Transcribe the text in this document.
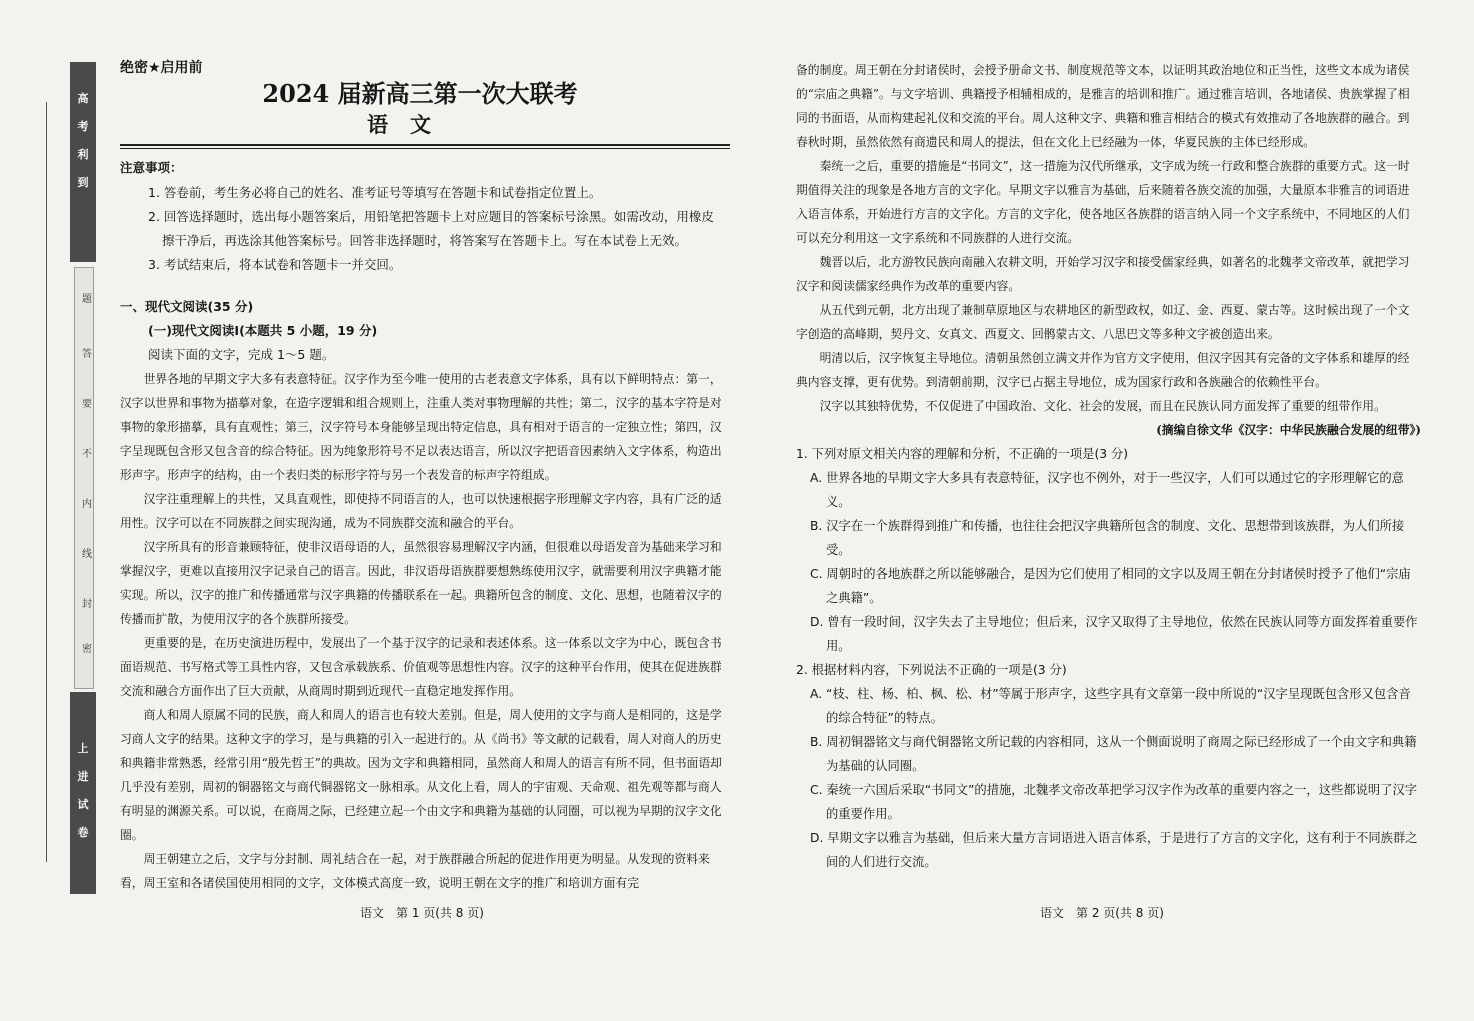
高

考

利

到
上

进

试

卷
题
答
要
不
内
线
封
密

绝密★启用前

2024 届新高三第一次大联考

语文

注意事项：

1. 答卷前，考生务必将自己的姓名、准考证号等填写在答题卡和试卷指定位置上。

2. 回答选择题时，选出每小题答案后，用铅笔把答题卡上对应题目的答案标号涂黑。如需改动，用橡皮

擦干净后，再选涂其他答案标号。回答非选择题时，将答案写在答题卡上。写在本试卷上无效。

3. 考试结束后，将本试卷和答题卡一并交回。

一、现代文阅读(35 分)

(一)现代文阅读Ⅰ(本题共 5 小题，19 分)

阅读下面的文字，完成 1～5 题。

世界各地的早期文字大多有表意特征。汉字作为至今唯一使用的古老表意文字体系，具有以下鲜明特点：第一，汉字以世界和事物为描摹对象，在造字逻辑和组合规则上，注重人类对事物理解的共性；第二，汉字的基本字符是对事物的象形描摹，具有直观性；第三，汉字符号本身能够呈现出特定信息，具有相对于语言的一定独立性；第四，汉字呈现既包含形又包含音的综合特征。因为纯象形符号不足以表达语言，所以汉字把语音因素纳入文字体系，构造出形声字。形声字的结构，由一个表归类的标形字符与另一个表发音的标声字符组成。

汉字注重理解上的共性，又具直观性，即使持不同语言的人，也可以快速根据字形理解文字内容，具有广泛的适用性。汉字可以在不同族群之间实现沟通，成为不同族群交流和融合的平台。

汉字所具有的形音兼顾特征，使非汉语母语的人，虽然很容易理解汉字内涵，但很难以母语发音为基础来学习和掌握汉字，更难以直接用汉字记录自己的语言。因此，非汉语母语族群要想熟练使用汉字，就需要利用汉字典籍才能实现。所以，汉字的推广和传播通常与汉字典籍的传播联系在一起。典籍所包含的制度、文化、思想，也随着汉字的传播而扩散，为使用汉字的各个族群所接受。

更重要的是，在历史演进历程中，发展出了一个基于汉字的记录和表述体系。这一体系以文字为中心，既包含书面语规范、书写格式等工具性内容，又包含承载族系、价值观等思想性内容。汉字的这种平台作用，使其在促进族群交流和融合方面作出了巨大贡献，从商周时期到近现代一直稳定地发挥作用。

商人和周人原属不同的民族，商人和周人的语言也有较大差别。但是，周人使用的文字与商人是相同的，这是学习商人文字的结果。这种文字的学习，是与典籍的引入一起进行的。从《尚书》等文献的记载看，周人对商人的历史和典籍非常熟悉，经常引用“殷先哲王”的典故。因为文字和典籍相同，虽然商人和周人的语言有所不同，但书面语却几乎没有差别，周初的铜器铭文与商代铜器铭文一脉相承。从文化上看，周人的宇宙观、天命观、祖先观等都与商人有明显的渊源关系。可以说，在商周之际，已经建立起一个由文字和典籍为基础的认同圈，可以视为早期的汉字文化圈。

周王朝建立之后，文字与分封制、周礼结合在一起，对于族群融合所起的促进作用更为明显。从发现的资料来看，周王室和各诸侯国使用相同的文字，文体模式高度一致，说明王朝在文字的推广和培训方面有完

备的制度。周王朝在分封诸侯时，会授予册命文书、制度规范等文本，以证明其政治地位和正当性，这些文本成为诸侯的“宗庙之典籍”。与文字培训、典籍授予相辅相成的，是雅言的培训和推广。通过雅言培训，各地诸侯、贵族掌握了相同的书面语，从而构建起礼仪和交流的平台。周人这种文字、典籍和雅言相结合的模式有效推动了各地族群的融合。到春秋时期，虽然依然有商遗民和周人的提法，但在文化上已经融为一体，华夏民族的主体已经形成。

秦统一之后，重要的措施是“书同文”，这一措施为汉代所继承，文字成为统一行政和整合族群的重要方式。这一时期值得关注的现象是各地方言的文字化。早期文字以雅言为基础，后来随着各族交流的加强，大量原本非雅言的词语进入语言体系，开始进行方言的文字化。方言的文字化，使各地区各族群的语言纳入同一个文字系统中，不同地区的人们可以充分利用这一文字系统和不同族群的人进行交流。

魏晋以后，北方游牧民族向南融入农耕文明，开始学习汉字和接受儒家经典，如著名的北魏孝文帝改革，就把学习汉字和阅读儒家经典作为改革的重要内容。

从五代到元朝，北方出现了兼制草原地区与农耕地区的新型政权，如辽、金、西夏、蒙古等。这时候出现了一个文字创造的高峰期，契丹文、女真文、西夏文、回鹘蒙古文、八思巴文等多种文字被创造出来。

明清以后，汉字恢复主导地位。清朝虽然创立满文并作为官方文字使用，但汉字因其有完备的文字体系和雄厚的经典内容支撑，更有优势。到清朝前期，汉字已占据主导地位，成为国家行政和各族融合的依赖性平台。

汉字以其独特优势，不仅促进了中国政治、文化、社会的发展，而且在民族认同方面发挥了重要的纽带作用。

(摘编自徐文华《汉字：中华民族融合发展的纽带》)

1. 下列对原文相关内容的理解和分析，不正确的一项是(3 分)

A. 世界各地的早期文字大多具有表意特征，汉字也不例外，对于一些汉字，人们可以通过它的字形理解它的意义。

B. 汉字在一个族群得到推广和传播，也往往会把汉字典籍所包含的制度、文化、思想带到该族群，为人们所接受。

C. 周朝时的各地族群之所以能够融合，是因为它们使用了相同的文字以及周王朝在分封诸侯时授予了他们“宗庙之典籍”。

D. 曾有一段时间，汉字失去了主导地位；但后来，汉字又取得了主导地位，依然在民族认同等方面发挥着重要作用。

2. 根据材料内容，下列说法不正确的一项是(3 分)

A. “枝、柱、杨、柏、枫、松、材”等属于形声字，这些字具有文章第一段中所说的“汉字呈现既包含形又包含音的综合特征”的特点。

B. 周初铜器铭文与商代铜器铭文所记载的内容相同，这从一个侧面说明了商周之际已经形成了一个由文字和典籍为基础的认同圈。

C. 秦统一六国后采取“书同文”的措施，北魏孝文帝改革把学习汉字作为改革的重要内容之一，这些都说明了汉字的重要作用。

D. 早期文字以雅言为基础，但后来大量方言词语进入语言体系，于是进行了方言的文字化，这有利于不同族群之间的人们进行交流。

语文　第 1 页(共 8 页)	语文　第 2 页(共 8 页)
